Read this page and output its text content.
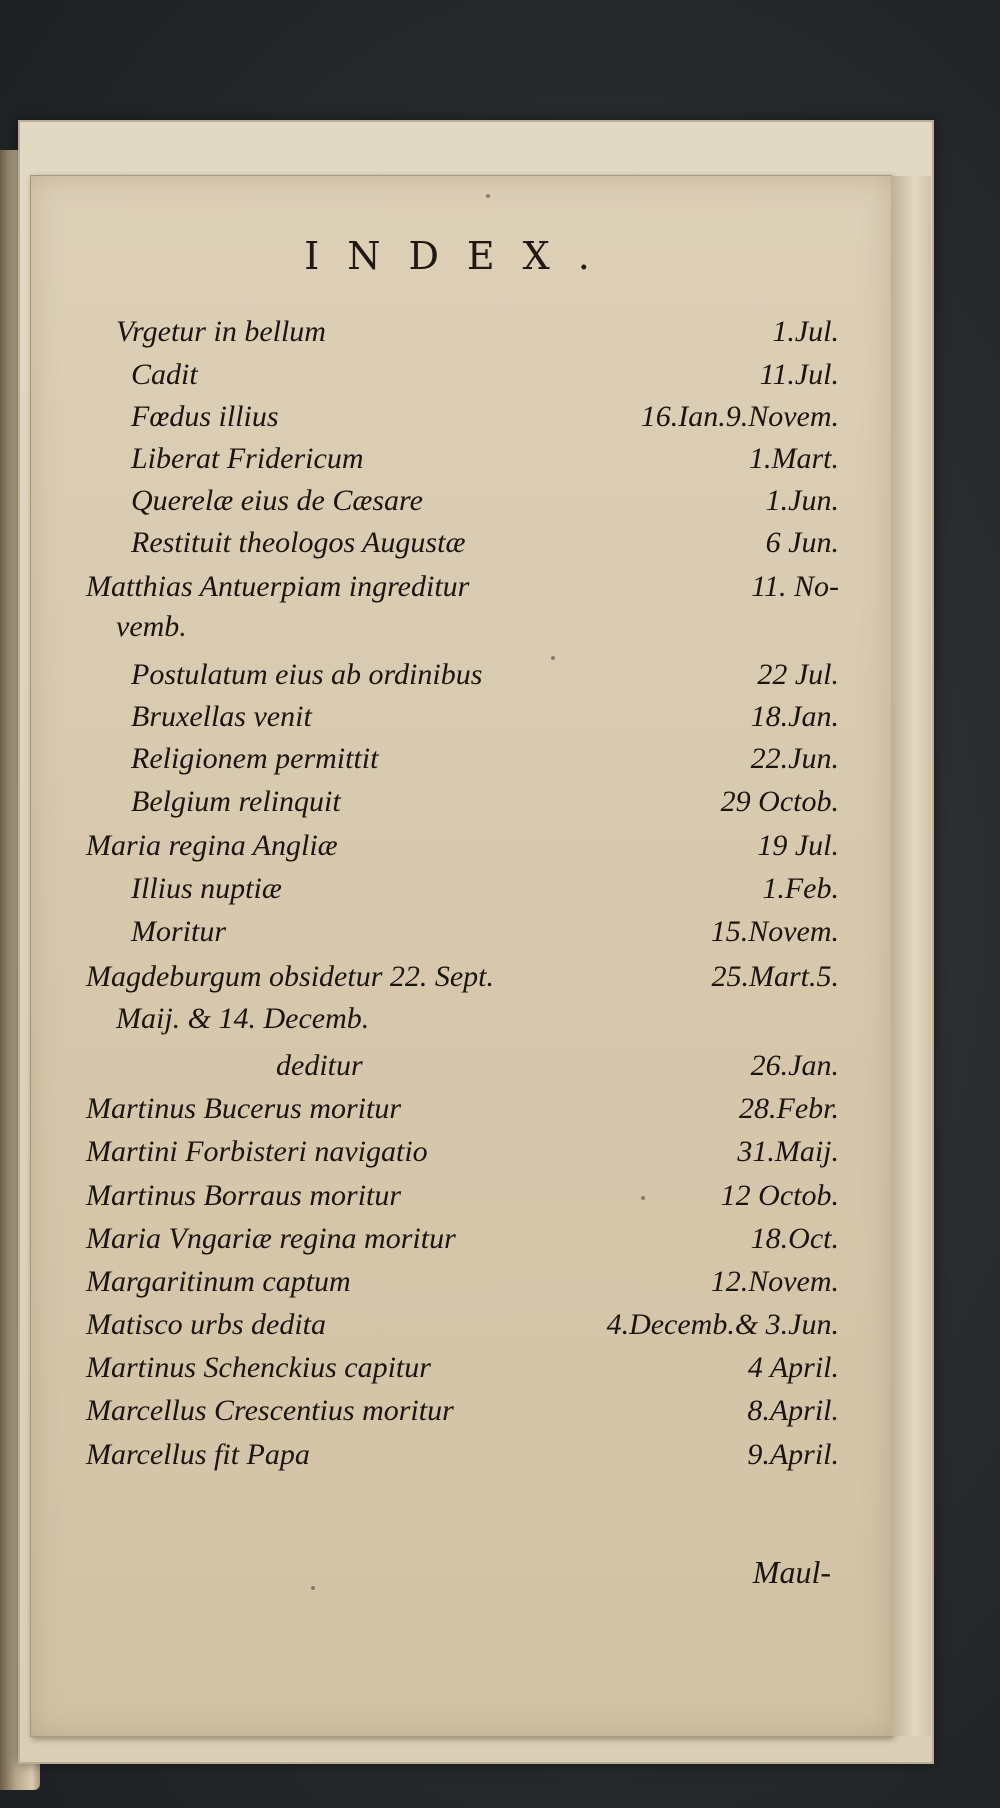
INDEX.
Vrgetur in bellum	1.Jul.
Cadit	11.Jul.
Fœdus illius	16.Ian.9.Novem.
Liberat Fridericum	1.Mart.
Querelæ eius de Cæsare	1.Jun.
Restituit theologos Augustæ	6 Jun.
Matthias Antuerpiam ingreditur	11. No-
vemb.
Postulatum eius ab ordinibus	22 Jul.
Bruxellas venit	18.Jan.
Religionem permittit	22.Jun.
Belgium relinquit	29 Octob.
Maria regina Angliæ	19 Jul.
Illius nuptiæ	1.Feb.
Moritur	15.Novem.
Magdeburgum obsidetur 22. Sept.	25.Mart.5.
Maij. & 14. Decemb.
deditur	26.Jan.
Martinus Bucerus moritur	28.Febr.
Martini Forbisteri navigatio	31.Maij.
Martinus Borraus moritur	12 Octob.
Maria Vngariæ regina moritur	18.Oct.
Margaritinum captum	12.Novem.
Matisco urbs dedita	4.Decemb.& 3.Jun.
Martinus Schenckius capitur	4 April.
Marcellus Crescentius moritur	8.April.
Marcellus fit Papa	9.April.
Maul-
